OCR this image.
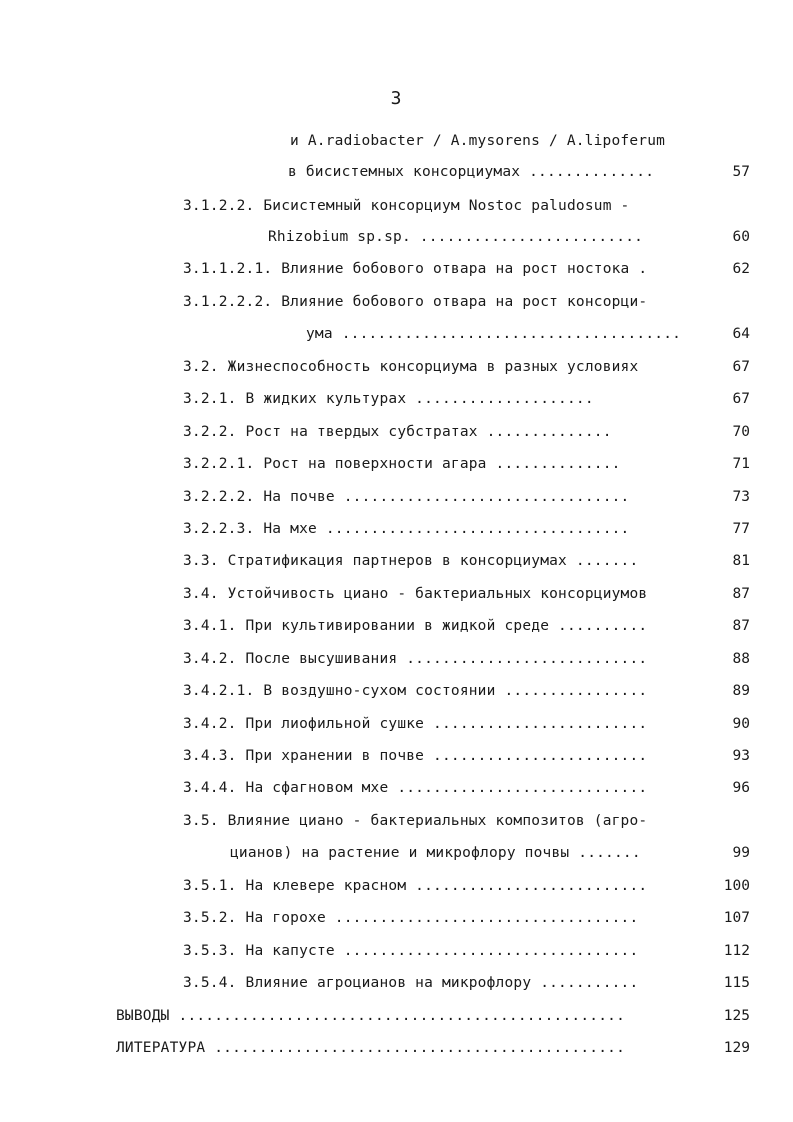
3
и A.radiobacter / A.mysorens / A.lipoferum
в бисистемных консорциумах ..............	57
3.1.2.2. Бисистемный консорциум Nostoc paludosum -
Rhizobium sp.sp. .........................	60
3.1.1.2.1. Влияние бобового отвара на рост ностока .	62
3.1.2.2.2. Влияние бобового отвара на рост консорци-
ума ......................................	64
3.2. Жизнеспособность консорциума в разных условиях	67
3.2.1. В жидких культурах ....................	67
3.2.2. Рост на твердых субстратах ..............	70
3.2.2.1. Рост на поверхности агара ..............	71
3.2.2.2. На почве ................................	73
3.2.2.3. На мхе ..................................	77
3.3. Стратификация партнеров в консорциумах .......	81
3.4. Устойчивость циано - бактериальных консорциумов	87
3.4.1. При культивировании в жидкой среде ..........	87
3.4.2. После высушивания ...........................	88
3.4.2.1. В воздушно-сухом состоянии ................	89
3.4.2. При лиофильной сушке ........................	90
3.4.3. При хранении в почве ........................	93
3.4.4. На сфагновом мхе ............................	96
3.5. Влияние циано - бактериальных композитов (агро-
цианов) на растение и микрофлору почвы .......	99
3.5.1. На клевере красном ..........................	100
3.5.2. На горохе ..................................	107
3.5.3. На капусте .................................	112
3.5.4. Влияние агроцианов на микрофлору ...........	115
ВЫВОДЫ ..................................................	125
ЛИТЕРАТУРА ..............................................	129
